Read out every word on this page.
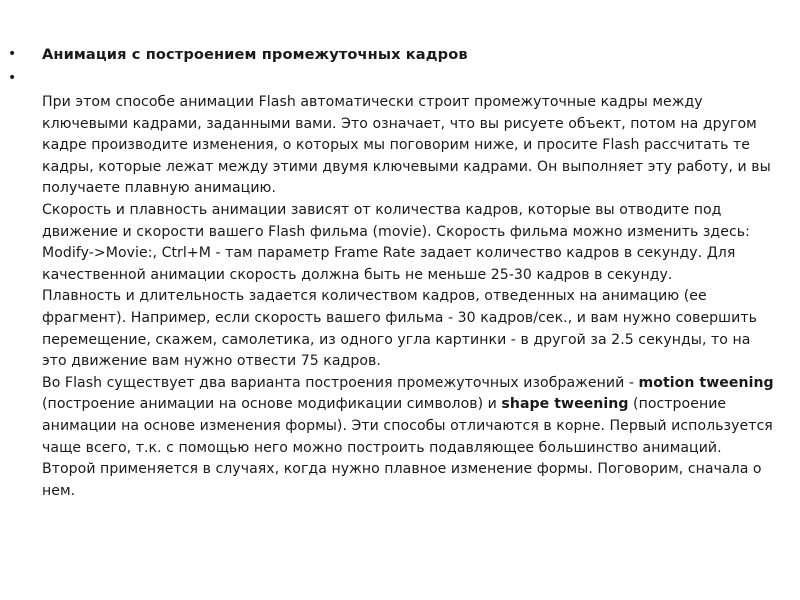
• Анимация с построением промежуточных кадров
•

При этом способе анимации Flash автоматически строит промежуточные кадры между ключевыми кадрами, заданными вами. Это означает, что вы рисуете объект, потом на другом кадре производите изменения, о которых мы поговорим ниже, и просите Flash рассчитать те кадры, которые лежат между этими двумя ключевыми кадрами. Он выполняет эту работу, и вы получаете плавную анимацию.

Скорость и плавность анимации зависят от количества кадров, которые вы отводите под движение и скорости вашего Flash фильма (movie). Скорость фильма можно изменить здесь: Modify->Movie:, Ctrl+M - там параметр Frame Rate задает количество кадров в секунду. Для качественной анимации скорость должна быть не меньше 25-30 кадров в секунду.

Плавность и длительность задается количеством кадров, отведенных на анимацию (ее фрагмент). Например, если скорость вашего фильма - 30 кадров/сек., и вам нужно совершить перемещение, скажем, самолетика, из одного угла картинки - в другой за 2.5 секунды, то на это движение вам нужно отвести 75 кадров.

Во Flash существует два варианта построения промежуточных изображений - motion tweening (построение анимации на основе модификации символов) и shape tweening (построение анимации на основе изменения формы). Эти способы отличаются в корне. Первый используется чаще всего, т.к. с помощью него можно построить подавляющее большинство анимаций. Второй применяется в случаях, когда нужно плавное изменение формы. Поговорим, сначала о нем.
